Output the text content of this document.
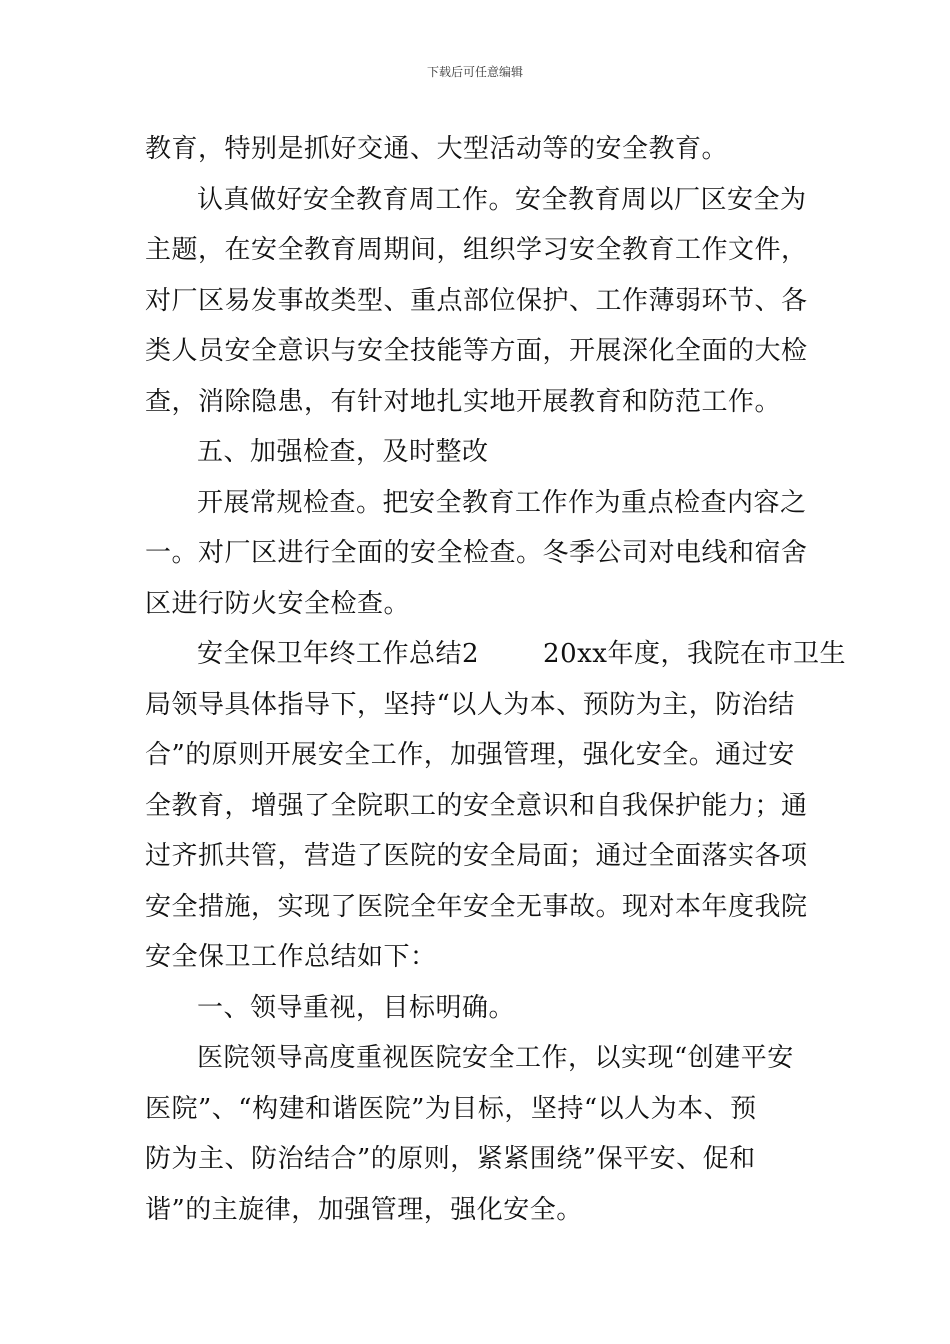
下载后可任意编辑
教育，特别是抓好交通、大型活动等的安全教育。
认真做好安全教育周工作。安全教育周以厂区安全为
主题，在安全教育周期间，组织学习安全教育工作文件，
对厂区易发事故类型、重点部位保护、工作薄弱环节、各
类人员安全意识与安全技能等方面，开展深化全面的大检
查，消除隐患，有针对地扎实地开展教育和防范工作。
五、加强检查，及时整改
开展常规检查。把安全教育工作作为重点检查内容之
一。对厂区进行全面的安全检查。冬季公司对电线和宿舍
区进行防火安全检查。
安全保卫年终工作总结2 20xx年度，我院在市卫生
局领导具体指导下，坚持“以人为本、预防为主，防治结
合”的原则开展安全工作，加强管理，强化安全。通过安
全教育，增强了全院职工的安全意识和自我保护能力；通
过齐抓共管，营造了医院的安全局面；通过全面落实各项
安全措施，实现了医院全年安全无事故。现对本年度我院
安全保卫工作总结如下：
一、领导重视，目标明确。
医院领导高度重视医院安全工作，以实现“创建平安
医院”、“构建和谐医院”为目标，坚持“以人为本、预
防为主、防治结合”的原则，紧紧围绕”保平安、促和
谐”的主旋律，加强管理，强化安全。
